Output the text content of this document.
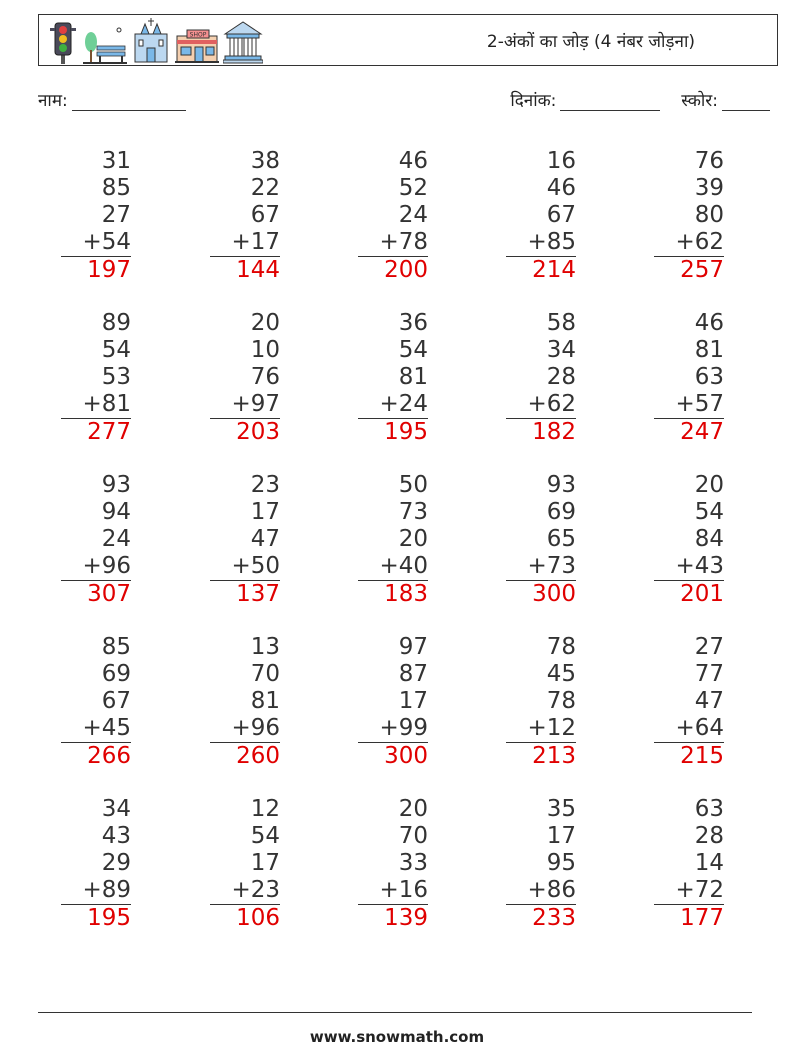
SHOP	2-अंकों का जोड़ (4 नंबर जोड़ना)
नाम:	दिनांक:	स्कोर:
31
85
27
+54
197
38
22
67
+17
144
46
52
24
+78
200
16
46
67
+85
214
76
39
80
+62
257
89
54
53
+81
277
20
10
76
+97
203
36
54
81
+24
195
58
34
28
+62
182
46
81
63
+57
247
93
94
24
+96
307
23
17
47
+50
137
50
73
20
+40
183
93
69
65
+73
300
20
54
84
+43
201
85
69
67
+45
266
13
70
81
+96
260
97
87
17
+99
300
78
45
78
+12
213
27
77
47
+64
215
34
43
29
+89
195
12
54
17
+23
106
20
70
33
+16
139
35
17
95
+86
233
63
28
14
+72
177
www.snowmath.com
